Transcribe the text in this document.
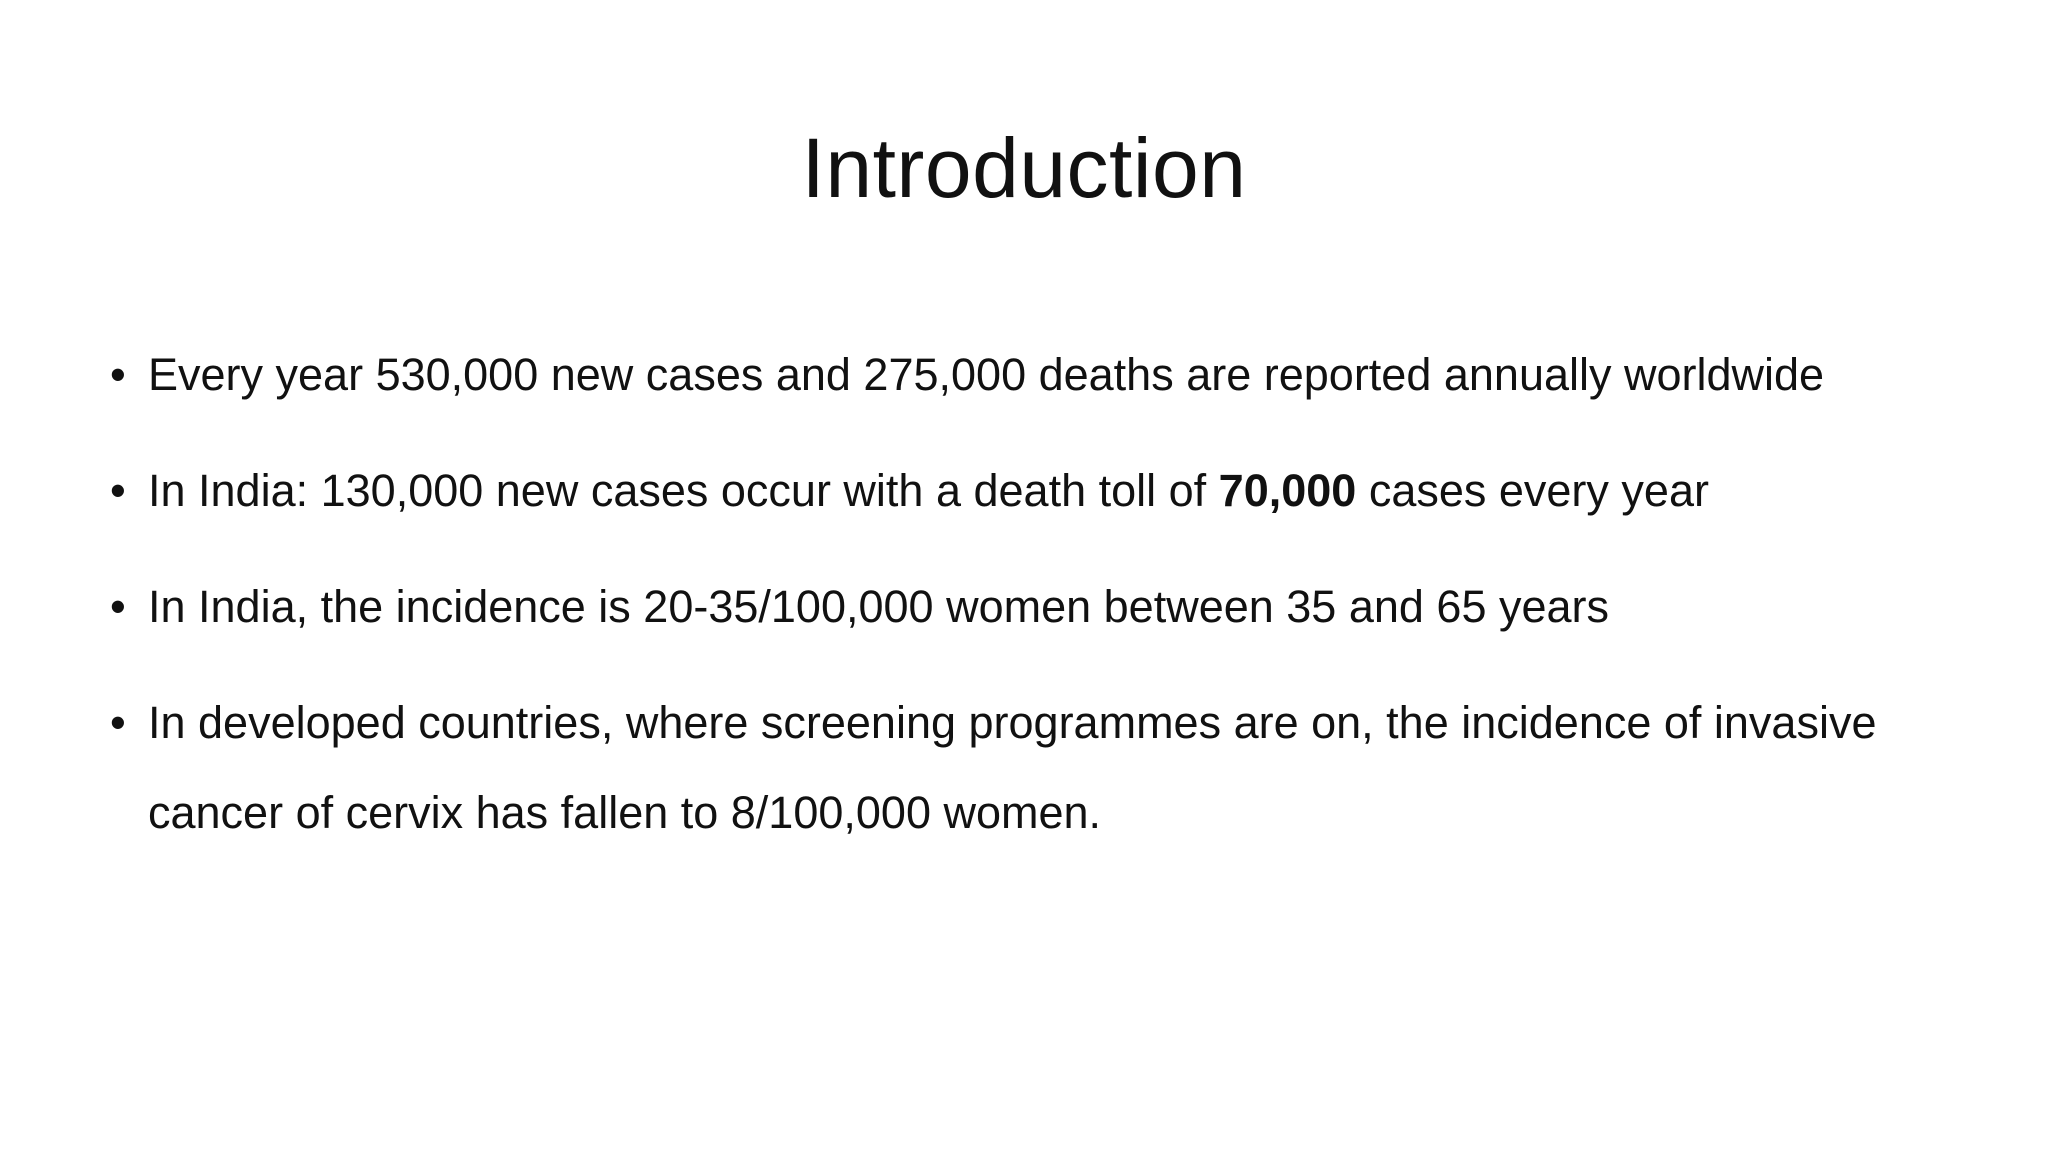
Introduction
• Every year 530,000 new cases and 275,000 deaths are reported annually worldwide
• In India: 130,000 new cases occur with a death toll of 70,000 cases every year
• In India, the incidence is 20-35/100,000 women between 35 and 65 years
• In developed countries, where screening programmes are on, the incidence of invasive cancer of cervix has fallen to 8/100,000 women.
